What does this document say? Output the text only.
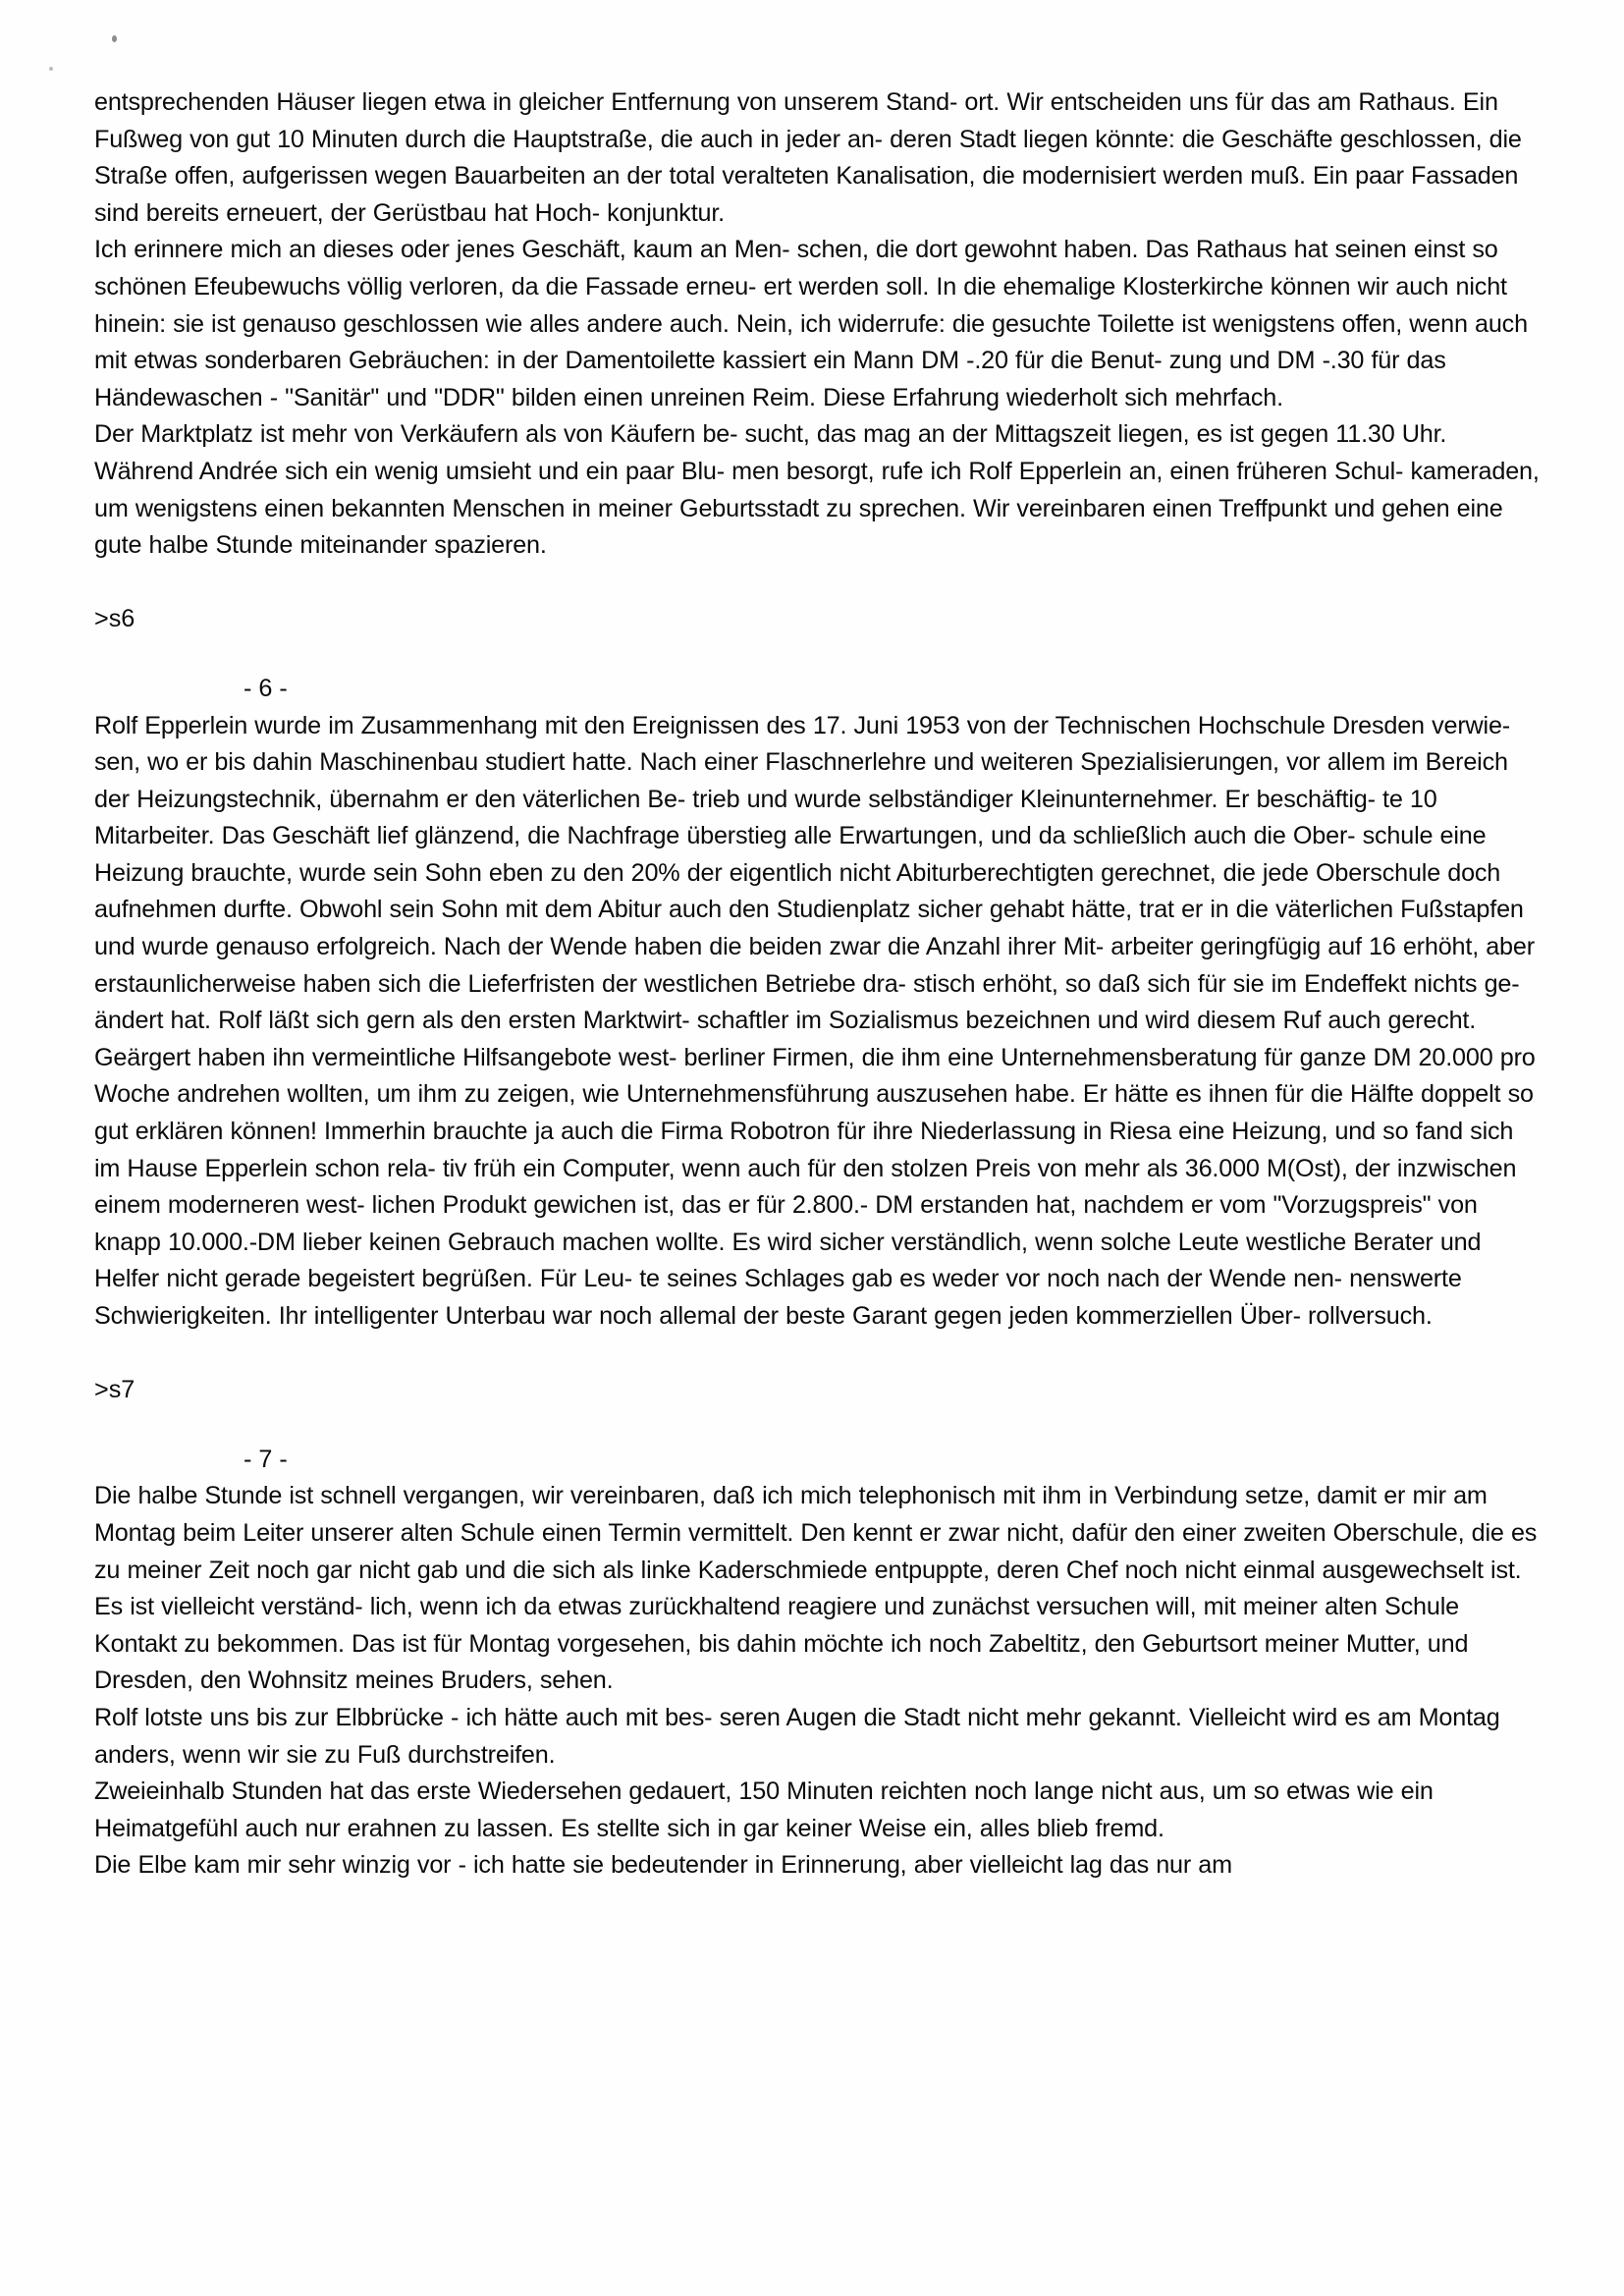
entsprechenden Häuser liegen etwa in gleicher Entfernung von unserem Stand- ort. Wir entscheiden uns für das am Rathaus. Ein Fußweg von gut 10 Minuten durch die Hauptstraße, die auch in jeder an- deren Stadt liegen könnte: die Geschäfte geschlossen, die Straße offen, aufgerissen wegen Bauarbeiten an der total veralteten Kanalisation, die modernisiert werden muß. Ein paar Fassaden sind bereits erneuert, der Gerüstbau hat Hoch- konjunktur.

Ich erinnere mich an dieses oder jenes Geschäft, kaum an Men- schen, die dort gewohnt haben. Das Rathaus hat seinen einst so schönen Efeubewuchs völlig verloren, da die Fassade erneu- ert werden soll. In die ehemalige Klosterkirche können wir auch nicht hinein: sie ist genauso geschlossen wie alles andere auch. Nein, ich widerrufe: die gesuchte Toilette ist wenigstens offen, wenn auch mit etwas sonderbaren Gebräuchen: in der Damentoilette kassiert ein Mann DM -.20 für die Benut- zung und DM -.30 für das Händewaschen - "Sanitär" und "DDR" bilden einen unreinen Reim. Diese Erfahrung wiederholt sich mehrfach.

Der Marktplatz ist mehr von Verkäufern als von Käufern be- sucht, das mag an der Mittagszeit liegen, es ist gegen 11.30 Uhr. Während Andrée sich ein wenig umsieht und ein paar Blu- men besorgt, rufe ich Rolf Epperlein an, einen früheren Schul- kameraden, um wenigstens einen bekannten Menschen in meiner Geburtsstadt zu sprechen. Wir vereinbaren einen Treffpunkt und gehen eine gute halbe Stunde miteinander spazieren.

>s6

- 6 -

Rolf Epperlein wurde im Zusammenhang mit den Ereignissen des 17. Juni 1953 von der Technischen Hochschule Dresden verwie- sen, wo er bis dahin Maschinenbau studiert hatte. Nach einer Flaschnerlehre und weiteren Spezialisierungen, vor allem im Bereich der Heizungstechnik, übernahm er den väterlichen Be- trieb und wurde selbständiger Kleinunternehmer. Er beschäftig- te 10 Mitarbeiter. Das Geschäft lief glänzend, die Nachfrage überstieg alle Erwartungen, und da schließlich auch die Ober- schule eine Heizung brauchte, wurde sein Sohn eben zu den 20% der eigentlich nicht Abiturberechtigten gerechnet, die jede Oberschule doch aufnehmen durfte. Obwohl sein Sohn mit dem Abitur auch den Studienplatz sicher gehabt hätte, trat er in die väterlichen Fußstapfen und wurde genauso erfolgreich. Nach der Wende haben die beiden zwar die Anzahl ihrer Mit- arbeiter geringfügig auf 16 erhöht, aber erstaunlicherweise haben sich die Lieferfristen der westlichen Betriebe dra- stisch erhöht, so daß sich für sie im Endeffekt nichts ge- ändert hat. Rolf läßt sich gern als den ersten Marktwirt- schaftler im Sozialismus bezeichnen und wird diesem Ruf auch gerecht. Geärgert haben ihn vermeintliche Hilfsangebote west- berliner Firmen, die ihm eine Unternehmensberatung für ganze DM 20.000 pro Woche andrehen wollten, um ihm zu zeigen, wie Unternehmensführung auszusehen habe. Er hätte es ihnen für die Hälfte doppelt so gut erklären können! Immerhin brauchte ja auch die Firma Robotron für ihre Niederlassung in Riesa eine Heizung, und so fand sich im Hause Epperlein schon rela- tiv früh ein Computer, wenn auch für den stolzen Preis von mehr als 36.000 M(Ost), der inzwischen einem moderneren west- lichen Produkt gewichen ist, das er für 2.800.- DM erstanden hat, nachdem er vom "Vorzugspreis" von knapp 10.000.-DM lieber keinen Gebrauch machen wollte. Es wird sicher verständlich, wenn solche Leute westliche Berater und Helfer nicht gerade begeistert begrüßen. Für Leu- te seines Schlages gab es weder vor noch nach der Wende nen- nenswerte Schwierigkeiten. Ihr intelligenter Unterbau war noch allemal der beste Garant gegen jeden kommerziellen Über- rollversuch.

>s7

- 7 -

Die halbe Stunde ist schnell vergangen, wir vereinbaren, daß ich mich telephonisch mit ihm in Verbindung setze, damit er mir am Montag beim Leiter unserer alten Schule einen Termin vermittelt. Den kennt er zwar nicht, dafür den einer zweiten Oberschule, die es zu meiner Zeit noch gar nicht gab und die sich als linke Kaderschmiede entpuppte, deren Chef noch nicht einmal ausgewechselt ist. Es ist vielleicht verständ- lich, wenn ich da etwas zurückhaltend reagiere und zunächst versuchen will, mit meiner alten Schule Kontakt zu bekommen. Das ist für Montag vorgesehen, bis dahin möchte ich noch Zabeltitz, den Geburtsort meiner Mutter, und Dresden, den Wohnsitz meines Bruders, sehen.

Rolf lotste uns bis zur Elbbrücke - ich hätte auch mit bes- seren Augen die Stadt nicht mehr gekannt. Vielleicht wird es am Montag anders, wenn wir sie zu Fuß durchstreifen.

Zweieinhalb Stunden hat das erste Wiedersehen gedauert, 150 Minuten reichten noch lange nicht aus, um so etwas wie ein Heimatgefühl auch nur erahnen zu lassen. Es stellte sich in gar keiner Weise ein, alles blieb fremd.

Die Elbe kam mir sehr winzig vor - ich hatte sie bedeutender in Erinnerung, aber vielleicht lag das nur am
